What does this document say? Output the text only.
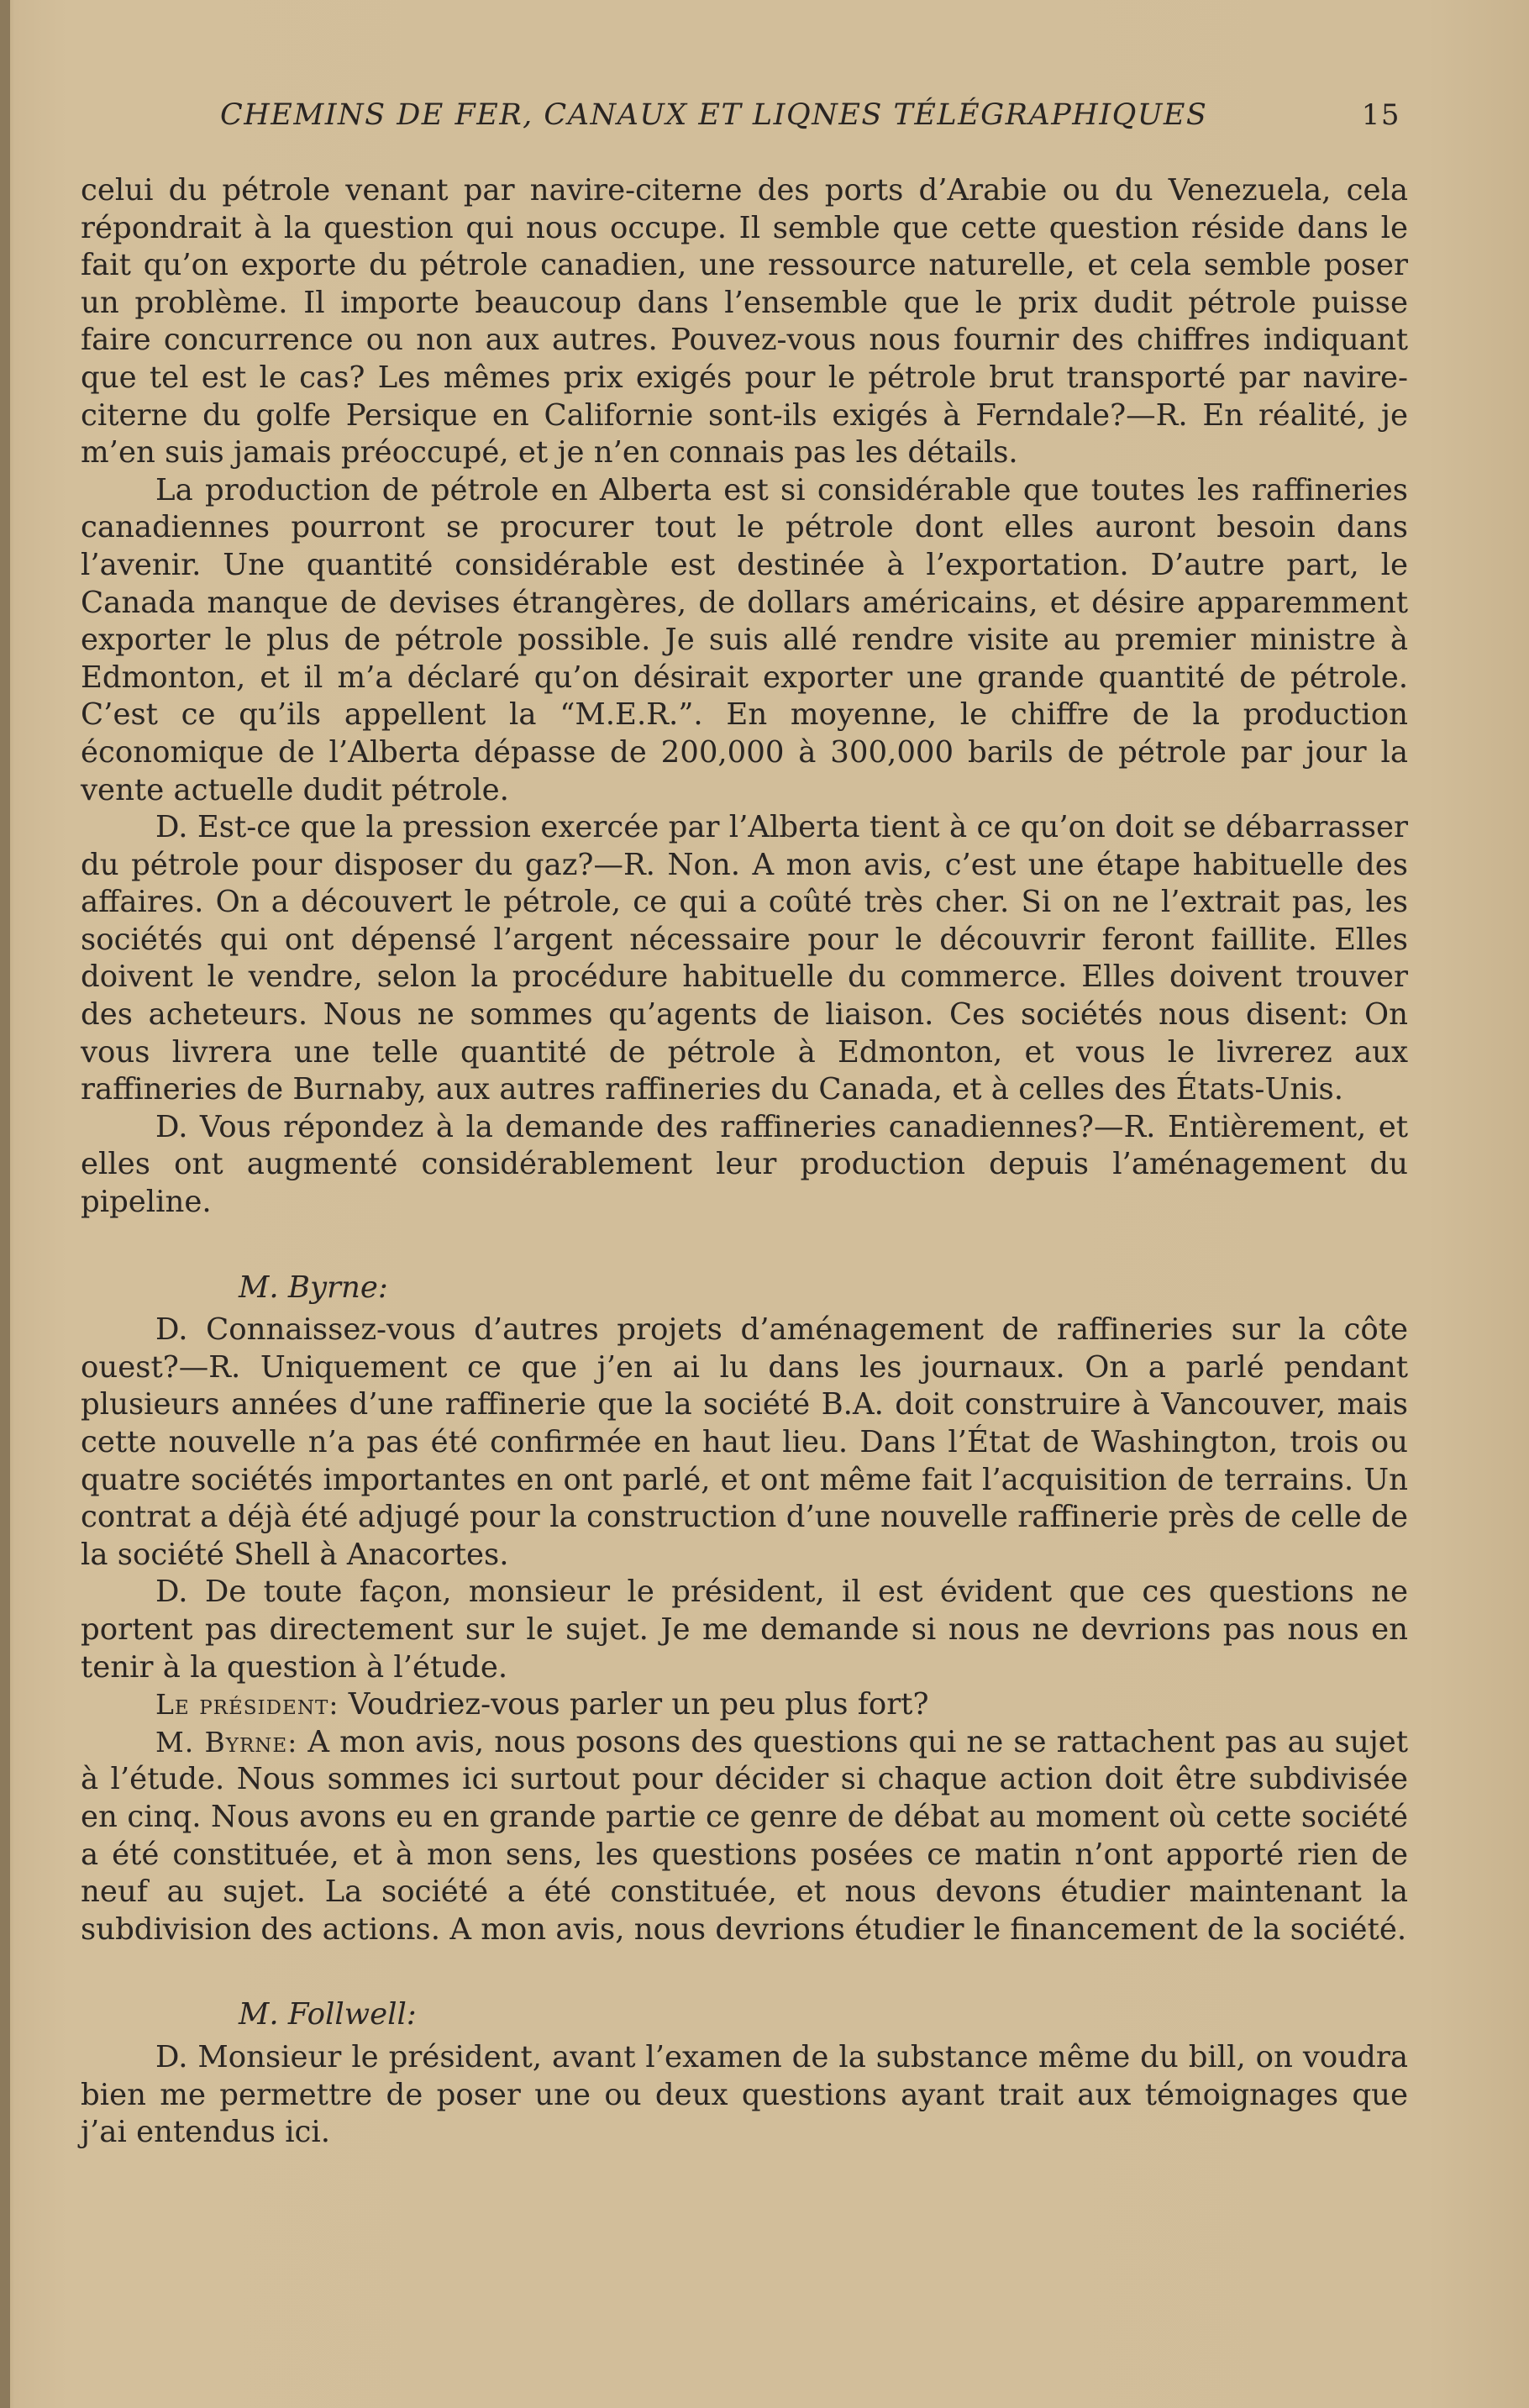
CHEMINS DE FER, CANAUX ET LIQNES TÉLÉGRAPHIQUES	15

celui du pétrole venant par navire-citerne des ports d’Arabie ou du Venezuela, cela répondrait à la question qui nous occupe. Il semble que cette question réside dans le fait qu’on exporte du pétrole canadien, une ressource naturelle, et cela semble poser un problème. Il importe beaucoup dans l’ensemble que le prix dudit pétrole puisse faire concurrence ou non aux autres. Pouvez-vous nous fournir des chiffres indiquant que tel est le cas? Les mêmes prix exigés pour le pétrole brut transporté par navire-citerne du golfe Persique en Californie sont-ils exigés à Ferndale?—R. En réalité, je m’en suis jamais préoccupé, et je n’en connais pas les détails.

La production de pétrole en Alberta est si considérable que toutes les raffineries canadiennes pourront se procurer tout le pétrole dont elles auront besoin dans l’avenir. Une quantité considérable est destinée à l’exportation. D’autre part, le Canada manque de devises étrangères, de dollars américains, et désire apparemment exporter le plus de pétrole possible. Je suis allé rendre visite au premier ministre à Edmonton, et il m’a déclaré qu’on désirait exporter une grande quantité de pétrole. C’est ce qu’ils appellent la “M.E.R.”. En moyenne, le chiffre de la production économique de l’Alberta dépasse de 200,000 à 300,000 barils de pétrole par jour la vente actuelle dudit pétrole.

D. Est-ce que la pression exercée par l’Alberta tient à ce qu’on doit se débarrasser du pétrole pour disposer du gaz?—R. Non. A mon avis, c’est une étape habituelle des affaires. On a découvert le pétrole, ce qui a coûté très cher. Si on ne l’extrait pas, les sociétés qui ont dépensé l’argent nécessaire pour le découvrir feront faillite. Elles doivent le vendre, selon la procédure habituelle du commerce. Elles doivent trouver des acheteurs. Nous ne sommes qu’agents de liaison. Ces sociétés nous disent: On vous livrera une telle quantité de pétrole à Edmonton, et vous le livrerez aux raffineries de Burnaby, aux autres raffineries du Canada, et à celles des États-Unis.

D. Vous répondez à la demande des raffineries canadiennes?—R. Entièrement, et elles ont augmenté considérablement leur production depuis l’aménagement du pipeline.

M. Byrne:

D. Connaissez-vous d’autres projets d’aménagement de raffineries sur la côte ouest?—R. Uniquement ce que j’en ai lu dans les journaux. On a parlé pendant plusieurs années d’une raffinerie que la société B.A. doit construire à Vancouver, mais cette nouvelle n’a pas été confirmée en haut lieu. Dans l’État de Washington, trois ou quatre sociétés importantes en ont parlé, et ont même fait l’acquisition de terrains. Un contrat a déjà été adjugé pour la construction d’une nouvelle raffinerie près de celle de la société Shell à Anacortes.

D. De toute façon, monsieur le président, il est évident que ces questions ne portent pas directement sur le sujet. Je me demande si nous ne devrions pas nous en tenir à la question à l’étude.

Le président: Voudriez-vous parler un peu plus fort?

M. Byrne: A mon avis, nous posons des questions qui ne se rattachent pas au sujet à l’étude. Nous sommes ici surtout pour décider si chaque action doit être subdivisée en cinq. Nous avons eu en grande partie ce genre de débat au moment où cette société a été constituée, et à mon sens, les questions posées ce matin n’ont apporté rien de neuf au sujet. La société a été constituée, et nous devons étudier maintenant la subdivision des actions. A mon avis, nous devrions étudier le financement de la société.

M. Follwell:

D. Monsieur le président, avant l’examen de la substance même du bill, on voudra bien me permettre de poser une ou deux questions ayant trait aux témoignages que j’ai entendus ici.
